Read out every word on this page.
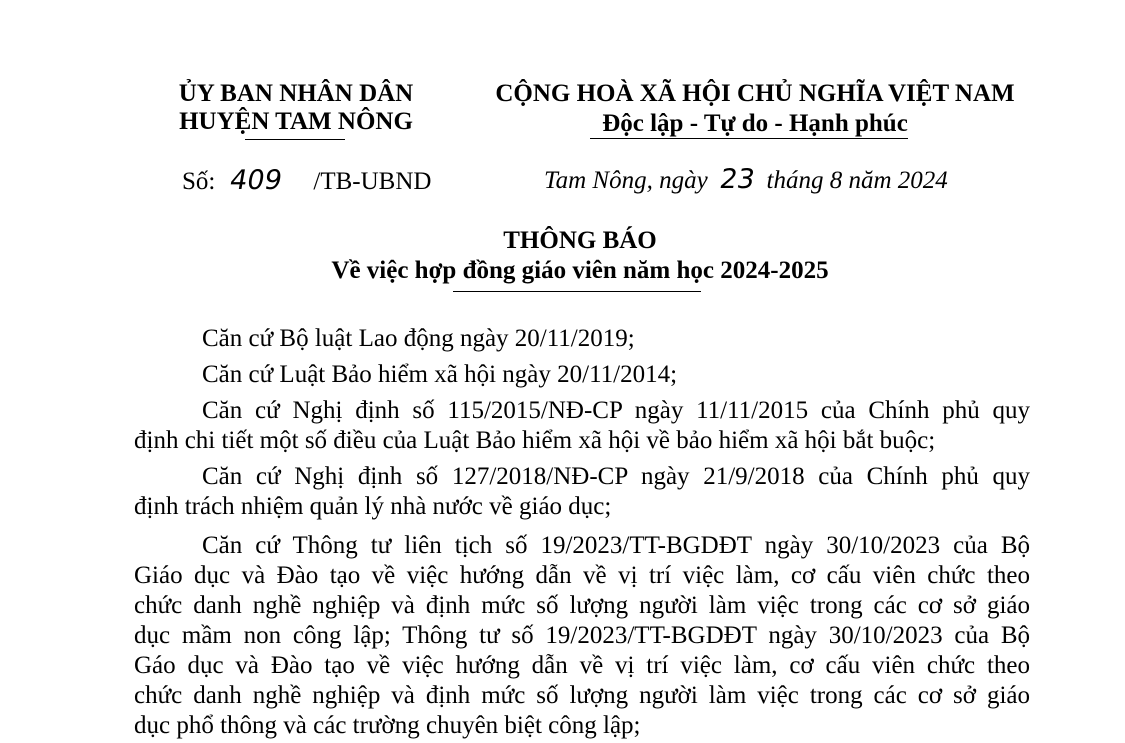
ỦY BAN NHÂN DÂN
HUYỆN TAM NÔNG
CỘNG HOÀ XÃ HỘI CHỦ NGHĨA VIỆT NAM
Độc lập - Tự do - Hạnh phúc
Số: 409 /TB-UBND	Tam Nông, ngày 23 tháng 8 năm 2024
THÔNG BÁO
Về việc hợp đồng giáo viên năm học 2024-2025
Căn cứ Bộ luật Lao động ngày 20/11/2019;
Căn cứ Luật Bảo hiểm xã hội ngày 20/11/2014;
Căn cứ Nghị định số 115/2015/NĐ-CP ngày 11/11/2015 của Chính phủ quy
định chi tiết một số điều của Luật Bảo hiểm xã hội về bảo hiểm xã hội bắt buộc;
Căn cứ Nghị định số 127/2018/NĐ-CP ngày 21/9/2018 của Chính phủ quy
định trách nhiệm quản lý nhà nước về giáo dục;
Căn cứ Thông tư liên tịch số 19/2023/TT-BGDĐT ngày 30/10/2023 của Bộ
Giáo dục và Đào tạo về việc hướng dẫn về vị trí việc làm, cơ cấu viên chức theo
chức danh nghề nghiệp và định mức số lượng người làm việc trong các cơ sở giáo
dục mầm non công lập; Thông tư số 19/2023/TT-BGDĐT ngày 30/10/2023 của Bộ
Gáo dục và Đào tạo về việc hướng dẫn về vị trí việc làm, cơ cấu viên chức theo
chức danh nghề nghiệp và định mức số lượng người làm việc trong các cơ sở giáo
dục phổ thông và các trường chuyên biệt công lập;
